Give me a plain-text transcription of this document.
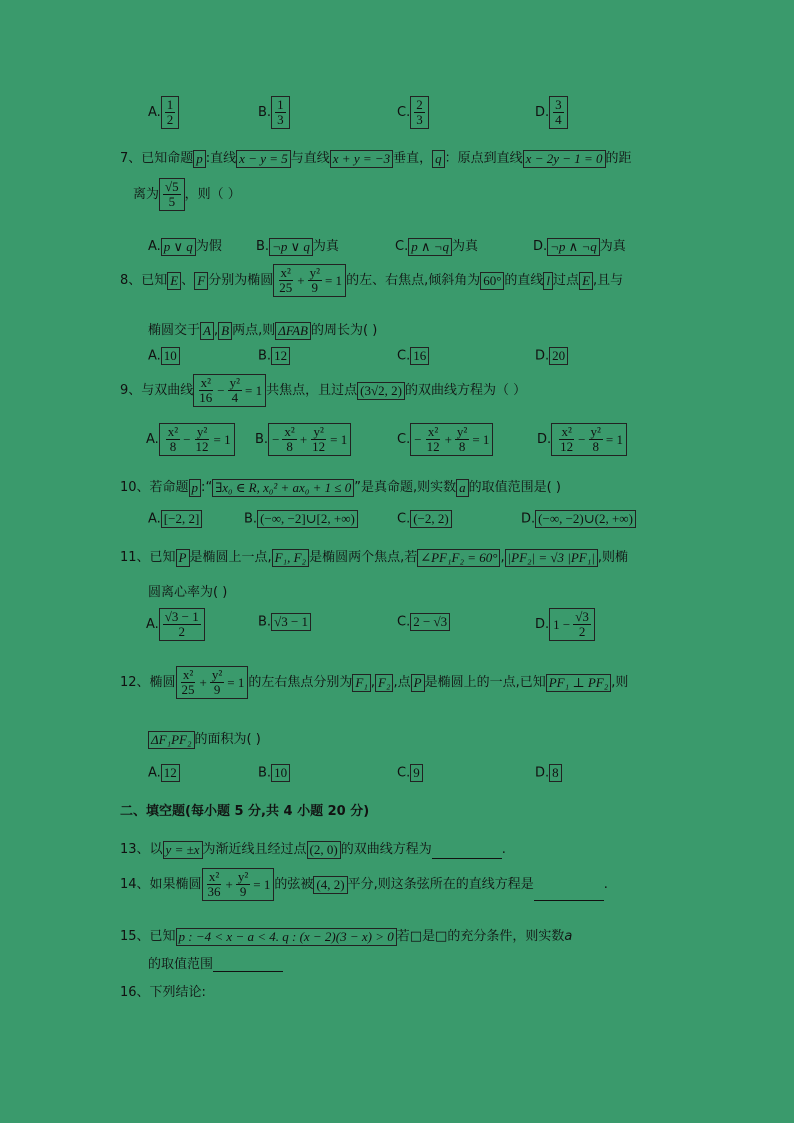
A. $\frac{1}{2}$	B. $\frac{1}{3}$	C. $\frac{2}{3}$	D. $\frac{3}{4}$
7、已知命题 p :直线 x − y = 5 与直线 x + y = −3 垂直， q ：原点到直线 x − 2y − 1 = 0 的距
离为 $\frac{√5}{5}$ ，则（ ）
A. p ∨ q 为假	B. ¬p ∨ q 为真	C. p ∧ ¬q 为真	D. ¬p ∧ ¬q 为真
8、已知 E 、 F 分别为椭圆 $\frac{\text{x²}}{25} + \frac{\text{y²}}{9} = 1$ 的左、右焦点,倾斜角为 60° 的直线 l 过点 E ,且与
椭圆交于 A , B 两点,则 ΔFAB 的周长为( )
A. 10	B. 12	C. 16	D. 20
9、与双曲线 $\frac{\text{x²}}{16} - \frac{\text{y²}}{4} = 1$ 共焦点，且过点 (3√2, 2) 的双曲线方程为（ ）
A. $\frac{\text{x²}}{8} - \frac{\text{y²}}{12} = 1$ B. − $\frac{\text{x²}}{8} + \frac{\text{y²}}{12} = 1$	C. − $\frac{\text{x²}}{12} + \frac{\text{y²}}{8} = 1$	D. $\frac{\text{x²}}{12} - \frac{\text{y²}}{8} = 1$
10、若命题 p :“ ∃x₀ ∈ R, x₀² + ax₀ + 1 ≤ 0 ”是真命题,则实数 a 的取值范围是( )
A. [−2, 2]	B. (−∞, −2]∪[2, +∞)	C. (−2, 2)	D. (−∞, −2)∪(2, +∞)
11、已知 P 是椭圆上一点, F₁, F₂ 是椭圆两个焦点,若 ∠PF₁F₂ = 60° , |PF₂| = √3 |PF₁| ,则椭
圆离心率为( )
A. $\frac{√3 - 1}{2}$	B. √3 − 1	C. 2 − √3	D. $1 - \frac{√3}{2}$
12、椭圆 $\frac{\text{x²}}{25} + \frac{\text{y²}}{9} = 1$ 的左右焦点分别为 F₁ , F₂ ,点 P 是椭圆上的一点,已知 PF₁ ⊥ PF₂ ,则
ΔF₁PF₂ 的面积为( )
A. 12	B. 10	C. 9	D. 8
二、填空题(每小题 5 分,共 4 小题 20 分)
13、以 y = ±x 为渐近线且经过点 (2, 0) 的双曲线方程为	.
14、如果椭圆 $\frac{\text{x²}}{36} + \frac{\text{y²}}{9} = 1$ 的弦被 (4, 2) 平分,则这条弦所在的直线方程是	.
15、已知 p : −4 < x − a < 4. q : (x − 2)(3 − x) > 0 若□是□的充分条件，则实数a
的取值范围
16、下列结论:
